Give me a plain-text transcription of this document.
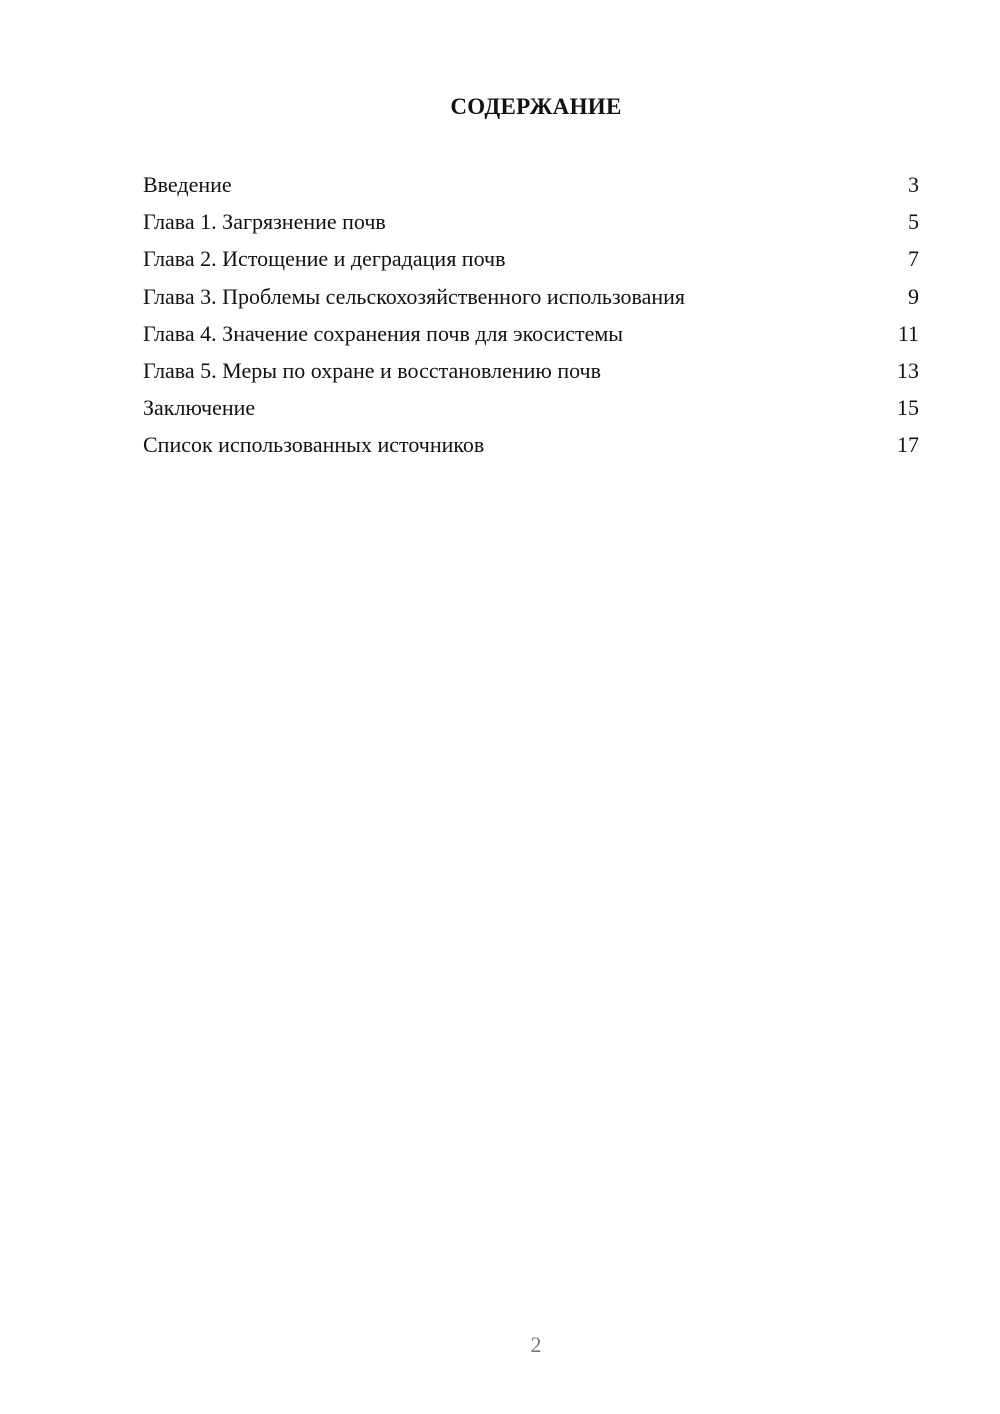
СОДЕРЖАНИЕ
Введение	3
Глава 1. Загрязнение почв	5
Глава 2. Истощение и деградация почв	7
Глава 3. Проблемы сельскохозяйственного использования	9
Глава 4. Значение сохранения почв для экосистемы	11
Глава 5. Меры по охране и восстановлению почв	13
Заключение	15
Список использованных источников	17
2
